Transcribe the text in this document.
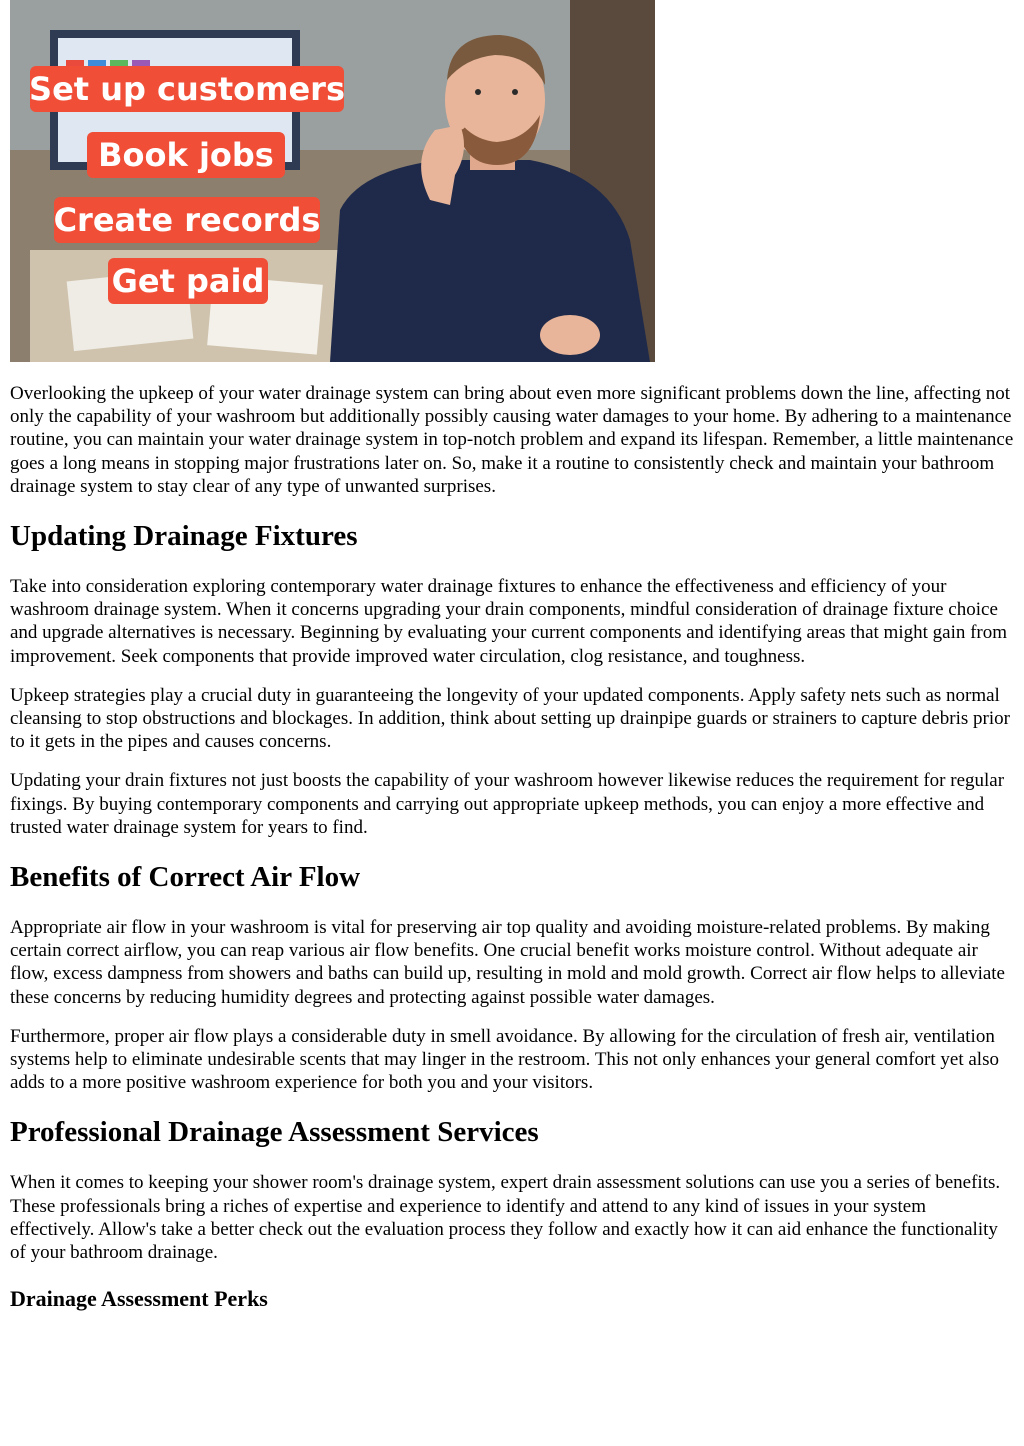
Set up customers
Book jobs
Create records
Get paid

Overlooking the upkeep of your water drainage system can bring about even more significant problems down the line, affecting not only the capability of your washroom but additionally possibly causing water damages to your home. By adhering to a maintenance routine, you can maintain your water drainage system in top-notch problem and expand its lifespan. Remember, a little maintenance goes a long means in stopping major frustrations later on. So, make it a routine to consistently check and maintain your bathroom drainage system to stay clear of any type of unwanted surprises.

Updating Drainage Fixtures

Take into consideration exploring contemporary water drainage fixtures to enhance the effectiveness and efficiency of your washroom drainage system. When it concerns upgrading your drain components, mindful consideration of drainage fixture choice and upgrade alternatives is necessary. Beginning by evaluating your current components and identifying areas that might gain from improvement. Seek components that provide improved water circulation, clog resistance, and toughness.

Upkeep strategies play a crucial duty in guaranteeing the longevity of your updated components. Apply safety nets such as normal cleansing to stop obstructions and blockages. In addition, think about setting up drainpipe guards or strainers to capture debris prior to it gets in the pipes and causes concerns.

Updating your drain fixtures not just boosts the capability of your washroom however likewise reduces the requirement for regular fixings. By buying contemporary components and carrying out appropriate upkeep methods, you can enjoy a more effective and trusted water drainage system for years to find.

Benefits of Correct Air Flow

Appropriate air flow in your washroom is vital for preserving air top quality and avoiding moisture-related problems. By making certain correct airflow, you can reap various air flow benefits. One crucial benefit works moisture control. Without adequate air flow, excess dampness from showers and baths can build up, resulting in mold and mold growth. Correct air flow helps to alleviate these concerns by reducing humidity degrees and protecting against possible water damages.

Furthermore, proper air flow plays a considerable duty in smell avoidance. By allowing for the circulation of fresh air, ventilation systems help to eliminate undesirable scents that may linger in the restroom. This not only enhances your general comfort yet also adds to a more positive washroom experience for both you and your visitors.

Professional Drainage Assessment Services

When it comes to keeping your shower room's drainage system, expert drain assessment solutions can use you a series of benefits. These professionals bring a riches of expertise and experience to identify and attend to any kind of issues in your system effectively. Allow's take a better check out the evaluation process they follow and exactly how it can aid enhance the functionality of your bathroom drainage.

Drainage Assessment Perks
